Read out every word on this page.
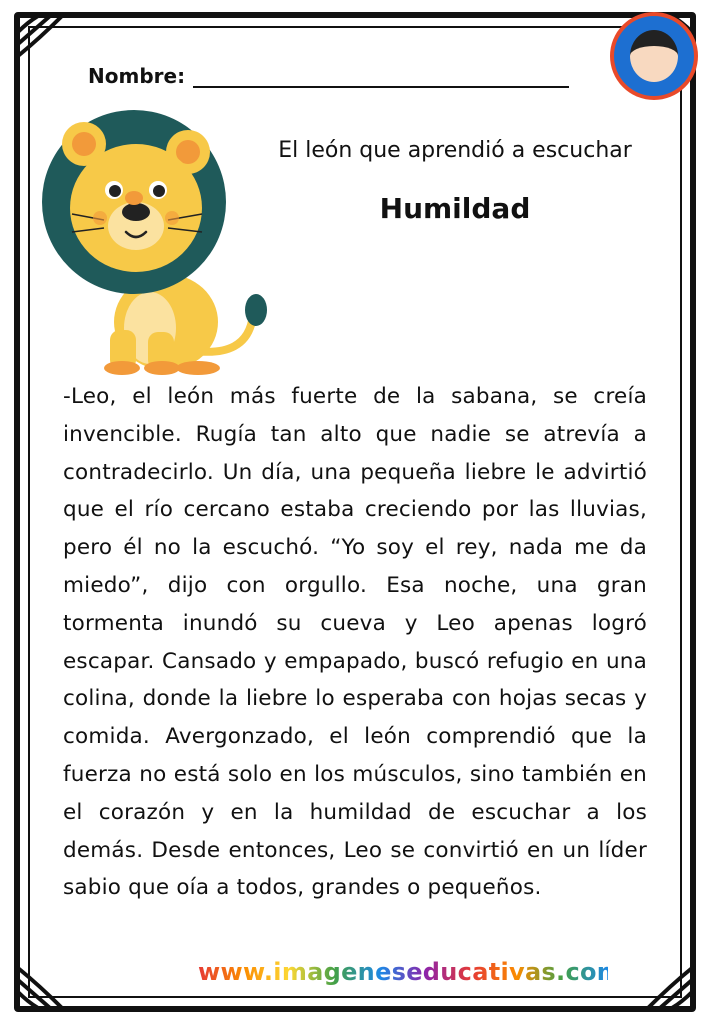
Nombre:
El león que aprendió a escuchar
Humildad

-Leo, el león más fuerte de la sabana, se creía invencible. Rugía tan alto que nadie se atrevía a contradecirlo. Un día, una pequeña liebre le advirtió que el río cercano estaba creciendo por las lluvias, pero él no la escuchó. “Yo soy el rey, nada me da miedo”, dijo con orgullo. Esa noche, una gran tormenta inundó su cueva y Leo apenas logró escapar. Cansado y empapado, buscó refugio en una colina, donde la liebre lo esperaba con hojas secas y comida. Avergonzado, el león comprendió que la fuerza no está solo en los músculos, sino también en el corazón y en la humildad de escuchar a los demás. Desde entonces, Leo se convirtió en un líder sabio que oía a todos, grandes o pequeños.

www.imageneseducativas.com
